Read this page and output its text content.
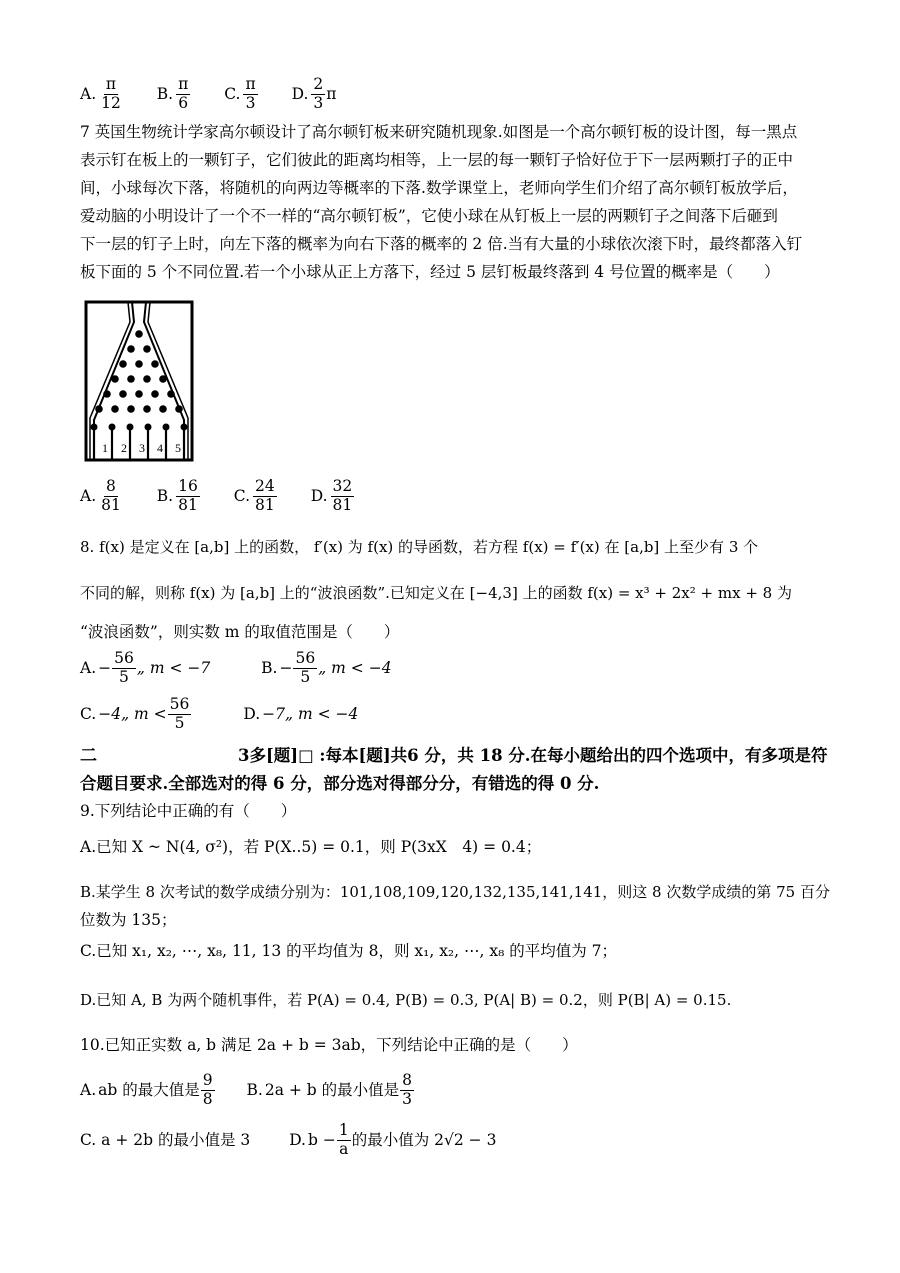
A. $\frac{\pi}{12}$
B. $\frac{\pi}{6}$
C. $\frac{\pi}{3}$
D. $\frac{2}{3}$ π
7 英国生物统计学家高尔顿设计了高尔顿钉板来研究随机现象.如图是一个高尔顿钉板的设计图，每一黑点
表示钉在板上的一颗钉子，它们彼此的距离均相等，上一层的每一颗钉子恰好位于下一层两颗打子的正中
间，小球每次下落，将随机的向两边等概率的下落.数学课堂上，老师向学生们介绍了高尔顿钉板放学后，
爱动脑的小明设计了一个不一样的“高尔顿钉板”，它使小球在从钉板上一层的两颗钉子之间落下后砸到
下一层的钉子上时，向左下落的概率为向右下落的概率的 2 倍.当有大量的小球依次滚下时，最终都落入钉
板下面的 5 个不同位置.若一个小球从正上方落下，经过 5 层钉板最终落到 4 号位置的概率是（　　）
1 2 3 4 5
A. $\frac{8}{81}$
B. $\frac{16}{81}$
C. $\frac{24}{81}$
D. $\frac{32}{81}$
8. f(x) 是定义在 [a,b] 上的函数， f′(x) 为 f(x) 的导函数，若方程 f(x) = f′(x) 在 [a,b] 上至少有 3 个
不同的解，则称 f(x) 为 [a,b] 上的“波浪函数”.已知定义在 [−4,3] 上的函数 f(x) = x³ + 2x² + mx + 8 为
“波浪函数”，则实数 m 的取值范围是（　　）
A. − $\frac{56}{5}$ „ m < −7
	B. − $\frac{56}{5}$ „ m < −4
C. −4„ $m < \frac{56}{5}$
	D. −7„ m < −4
二	3多[题]□ :每本[题]共6 分，共 18 分.在每小题给出的四个选项中，有多项是符
合题目要求.全部选对的得 6 分，部分选对得部分分，有错选的得 0 分.
9.下列结论中正确的有（　　）
A.已知 X ~ N(4, σ²)，若 P(X..5) = 0.1，则 P(3ⅹX　4) = 0.4；
B.某学生 8 次考试的数学成绩分别为：101,108,109,120,132,135,141,141，则这 8 次数学成绩的第 75 百分
位数为 135；
C.已知 x₁, x₂, ⋯, x₈, 11, 13 的平均值为 8，则 x₁, x₂, ⋯, x₈ 的平均值为 7；
D.已知 A, B 为两个随机事件，若 P(A) = 0.4, P(B) = 0.3, P(A| B) = 0.2，则 P(B| A) = 0.15.
10.已知正实数 a, b 满足 2a + b = 3ab，下列结论中正确的是（　　）
A. ab 的最大值是 $\frac{9}{8}$
B. 2a + b 的最小值是 $\frac{8}{3}$
C. a + 2b 的最小值是 3	D. $b - \frac{1}{a}$ 的最小值为 2√2 − 3
